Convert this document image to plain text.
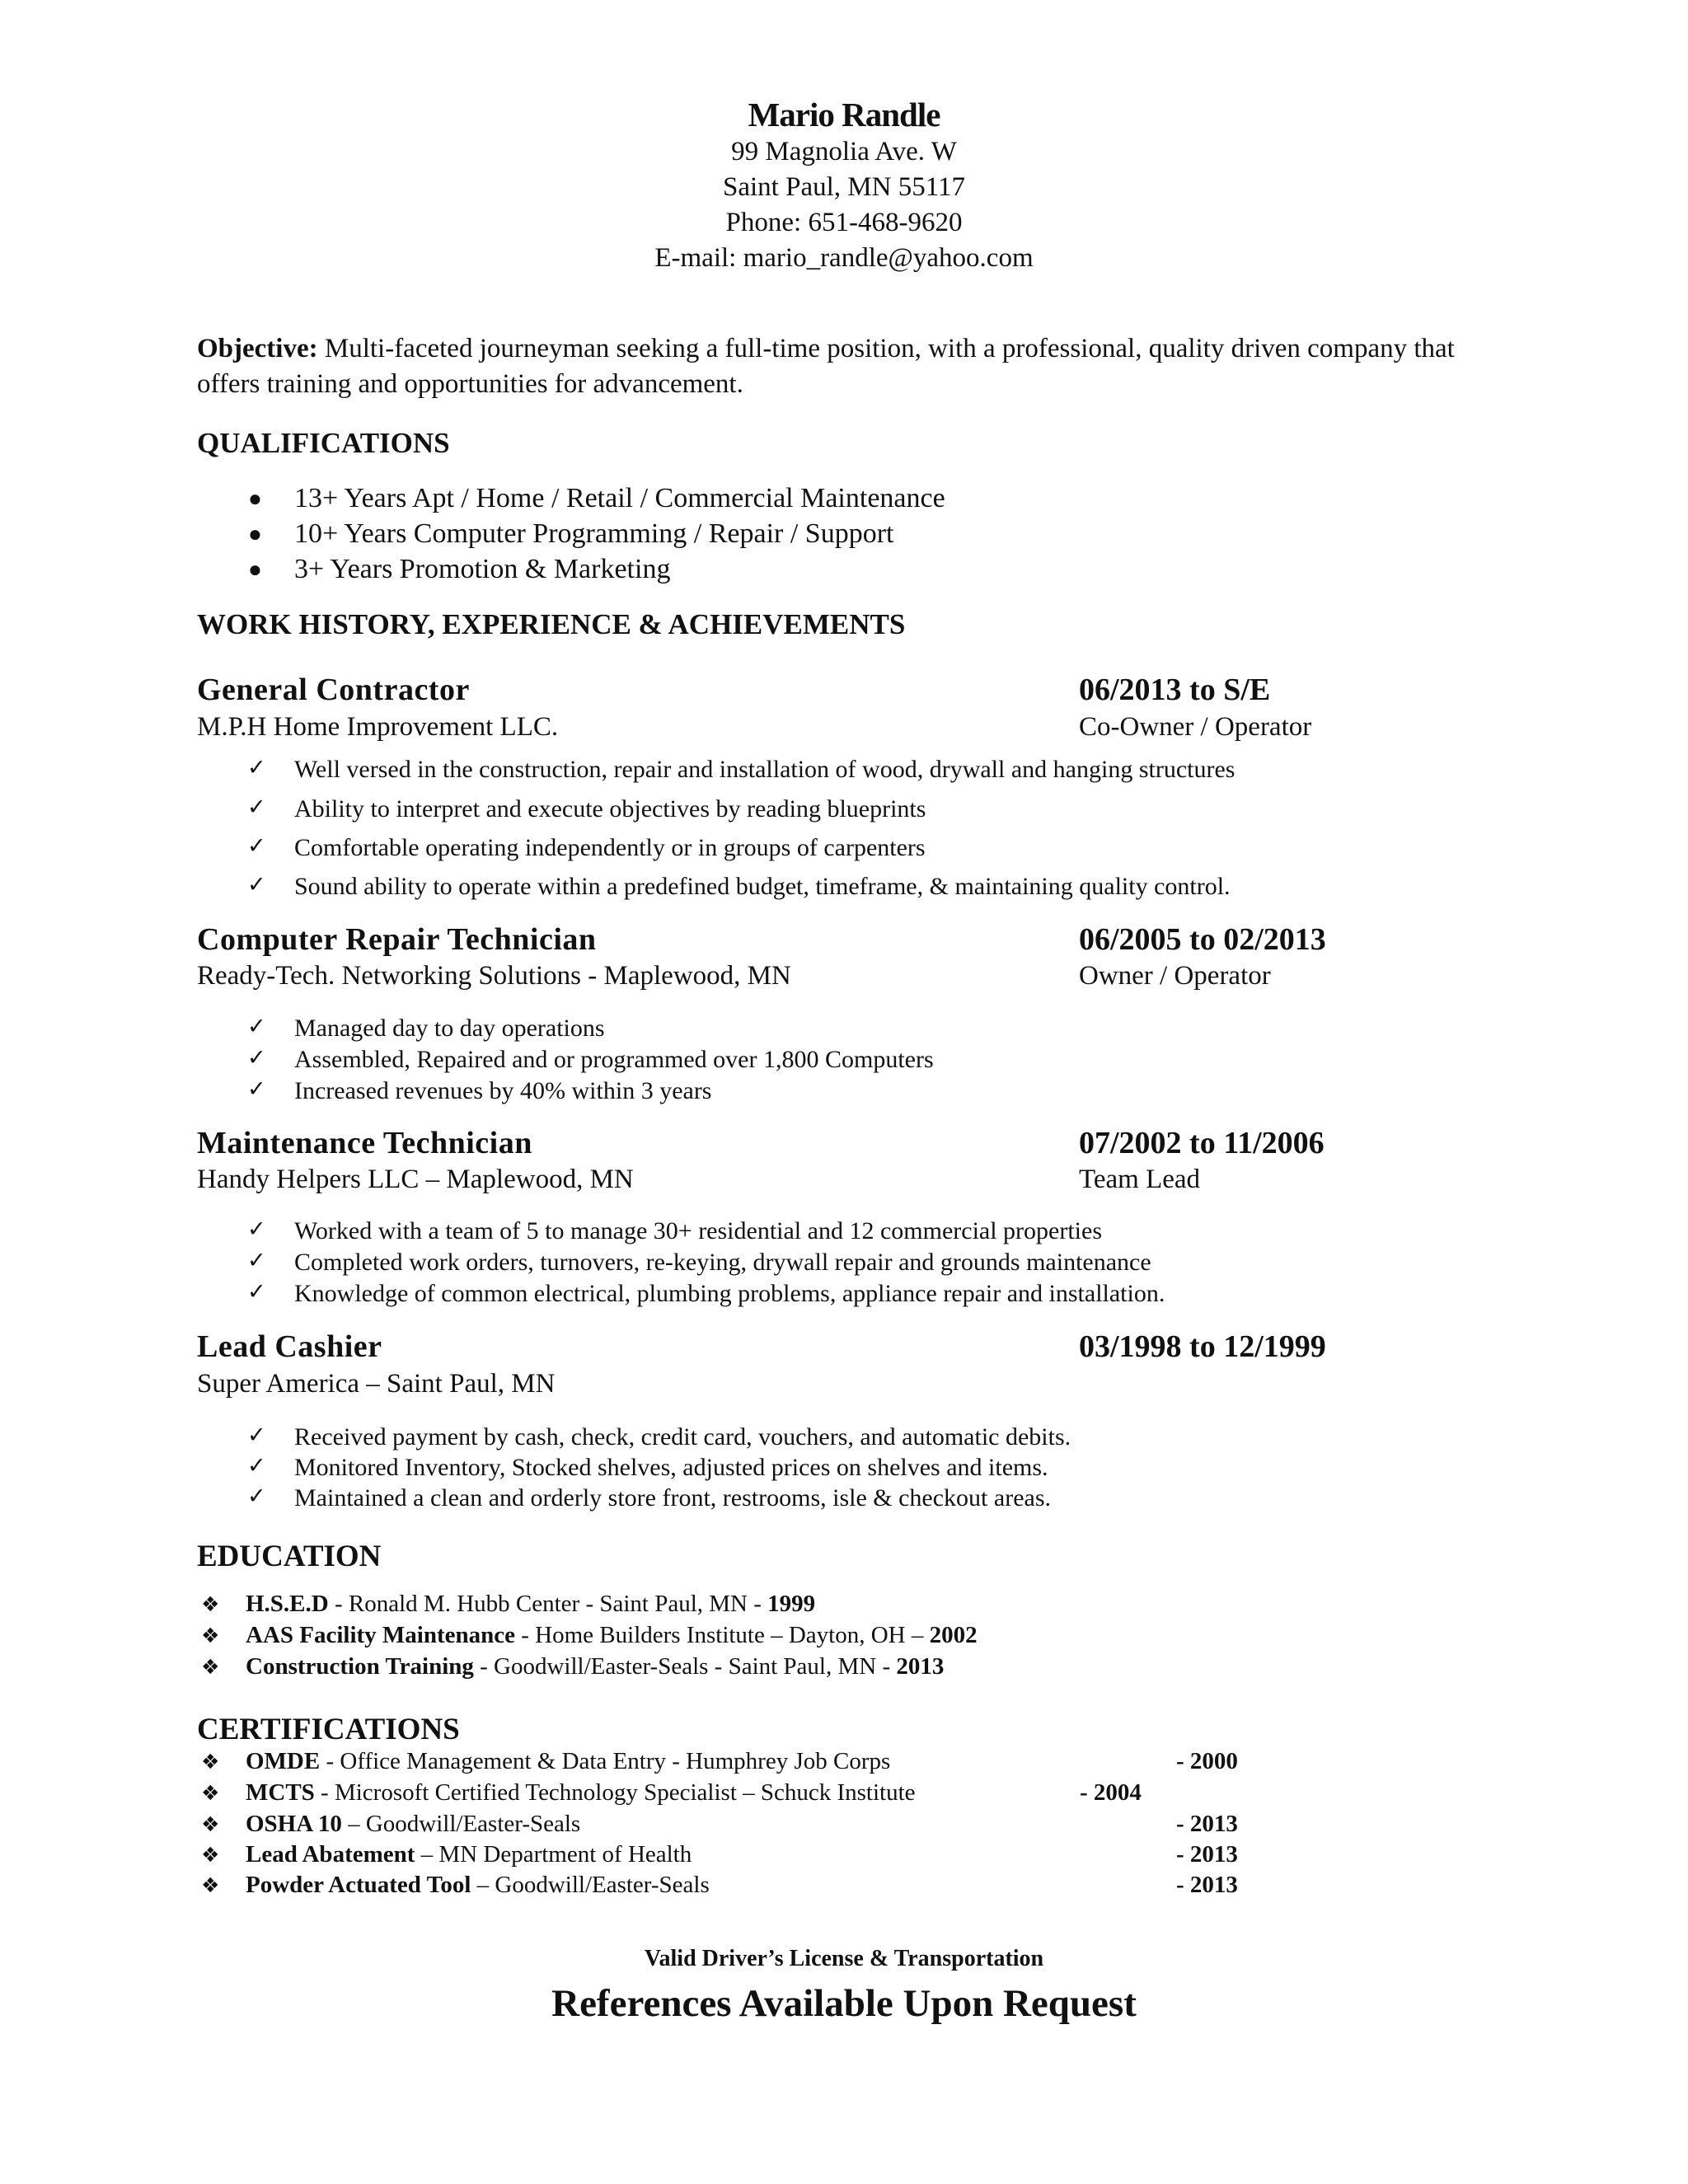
Mario Randle
99 Magnolia Ave. W
Saint Paul, MN 55117
Phone: 651-468-9620
E-mail: mario_randle@yahoo.com
Objective: Multi-faceted journeyman seeking a full-time position, with a professional, quality driven company that offers training and opportunities for advancement.
QUALIFICATIONS
● 13+ Years Apt / Home / Retail / Commercial Maintenance
● 10+ Years Computer Programming / Repair / Support
● 3+ Years Promotion & Marketing
WORK HISTORY, EXPERIENCE & ACHIEVEMENTS
General Contractor	06/2013 to S/E
M.P.H Home Improvement LLC.	Co-Owner / Operator
✓ Well versed in the construction, repair and installation of wood, drywall and hanging structures
✓ Ability to interpret and execute objectives by reading blueprints
✓ Comfortable operating independently or in groups of carpenters
✓ Sound ability to operate within a predefined budget, timeframe, & maintaining quality control.
Computer Repair Technician	06/2005 to 02/2013
Ready-Tech. Networking Solutions - Maplewood, MN	Owner / Operator
✓ Managed day to day operations
✓ Assembled, Repaired and or programmed over 1,800 Computers
✓ Increased revenues by 40% within 3 years
Maintenance Technician	07/2002 to 11/2006
Handy Helpers LLC – Maplewood, MN	Team Lead
✓ Worked with a team of 5 to manage 30+ residential and 12 commercial properties
✓ Completed work orders, turnovers, re-keying, drywall repair and grounds maintenance
✓ Knowledge of common electrical, plumbing problems, appliance repair and installation.
Lead Cashier	03/1998 to 12/1999
Super America – Saint Paul, MN
✓ Received payment by cash, check, credit card, vouchers, and automatic debits.
✓ Monitored Inventory, Stocked shelves, adjusted prices on shelves and items.
✓ Maintained a clean and orderly store front, restrooms, isle & checkout areas.
EDUCATION
❖ H.S.E.D - Ronald M. Hubb Center - Saint Paul, MN - 1999
❖ AAS Facility Maintenance - Home Builders Institute – Dayton, OH – 2002
❖ Construction Training - Goodwill/Easter-Seals - Saint Paul, MN - 2013
CERTIFICATIONS
❖ OMDE - Office Management & Data Entry - Humphrey Job Corps	- 2000
❖ MCTS - Microsoft Certified Technology Specialist – Schuck Institute	- 2004
❖ OSHA 10 – Goodwill/Easter-Seals	- 2013
❖ Lead Abatement – MN Department of Health	- 2013
❖ Powder Actuated Tool – Goodwill/Easter-Seals	- 2013
Valid Driver’s License & Transportation
References Available Upon Request
